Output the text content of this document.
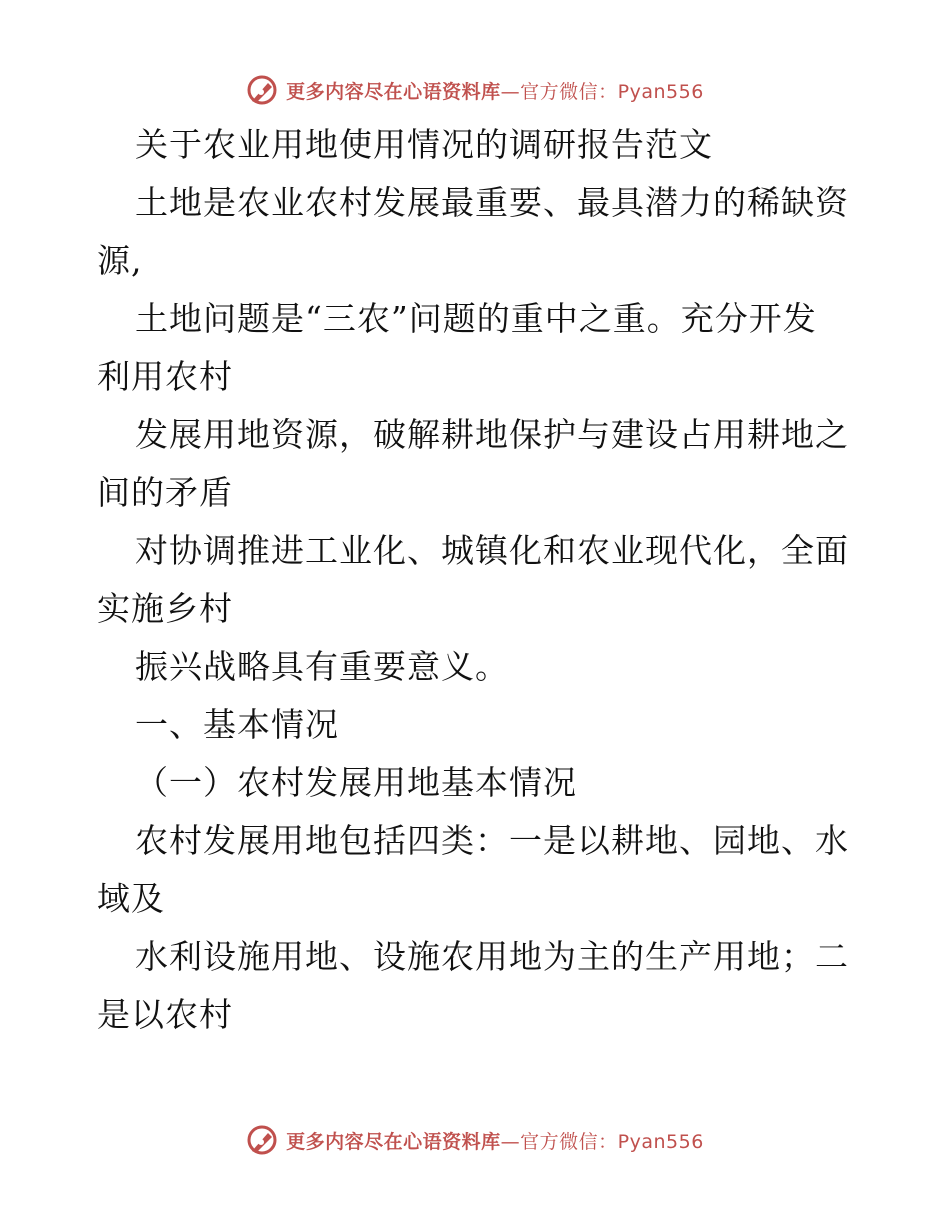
更多内容尽在心语资料库—官方微信：Pyan556
关于农业用地使用情况的调研报告范文
土地是农业农村发展最重要、最具潜力的稀缺资
源,
土地问题是“三农”问题的重中之重。充分开发
利用农村
发展用地资源，破解耕地保护与建设占用耕地之
间的矛盾
对协调推进工业化、城镇化和农业现代化，全面
实施乡村
振兴战略具有重要意义。
一、基本情况
（一）农村发展用地基本情况
农村发展用地包括四类：一是以耕地、园地、水
域及
水利设施用地、设施农用地为主的生产用地；二
是以农村
更多内容尽在心语资料库—官方微信：Pyan556
